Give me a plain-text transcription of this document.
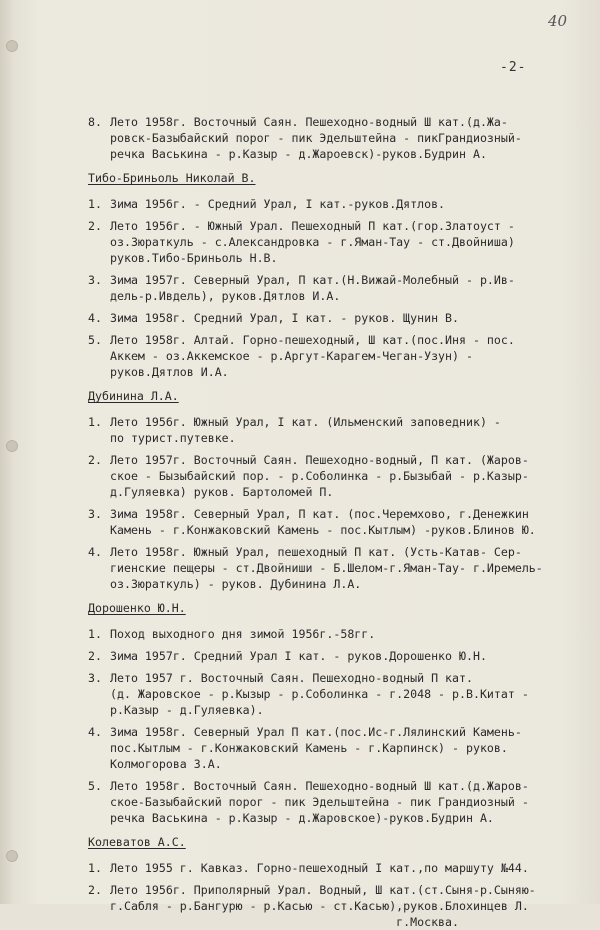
40
-2-
8. Лето 1958г. Восточный Саян. Пешеходно-водный Ш кат.(д.Жа-
ровск-Базыбайский порог - пик Эдельштейна - пикГрандиозный-
речка Васькина - р.Казыр - д.Жароевск)-руков.Будрин А.
Тибо-Бриньоль Николай В.
1. Зима 1956г. - Средний Урал, I кат.-руков.Дятлов.
2. Лето 1956г. - Южный Урал. Пешеходный П кат.(гор.Златоуст -
оз.Зюраткуль - с.Александровка - г.Яман-Тау - ст.Двойниша)
руков.Тибо-Бриньоль Н.В.
3. Зима 1957г. Северный Урал, П кат.(Н.Вижай-Молебный - р.Ив-
дель-р.Ивдель), руков.Дятлов И.А.
4. Зима 1958г. Средний Урал, I кат. - руков. Щунин В.
5. Лето 1958г. Алтай. Горно-пешеходный, Ш кат.(пос.Иня - пос.
Аккем - оз.Аккемское - р.Аргут-Карагем-Чеган-Узун) -
руков.Дятлов И.А.
Дубинина Л.А.
1. Лето 1956г. Южный Урал, I кат. (Ильменский заповедник) -
по турист.путевке.
2. Лето 1957г. Восточный Саян. Пешеходно-водный, П кат. (Жаров-
ское - Бызыбайский пор. - р.Соболинка - р.Бызыбай - р.Казыр-
д.Гуляевка) руков. Бартоломей П.
3. Зима 1958г. Северный Урал, П кат. (пос.Черемхово, г.Денежкин
Камень - г.Конжаковский Камень - пос.Кытлым) -руков.Блинов Ю.
4. Лето 1958г. Южный Урал, пешеходный П кат. (Усть-Катав- Сер-
гиенские пещеры - ст.Двойниши - Б.Шелом-г.Яман-Тау- г.Иремель-
оз.Зюраткуль) - руков. Дубинина Л.А.
Дорошенко Ю.Н.
1. Поход выходного дня зимой 1956г.-58гг.
2. Зима 1957г. Средний Урал I кат. - руков.Дорошенко Ю.Н.
3. Лето 1957 г. Восточный Саян. Пешеходно-водный П кат.
(д. Жаровское - р.Кызыр - р.Соболинка - г.2048 - р.В.Китат -
р.Казыр - д.Гуляевка).
4. Зима 1958г. Северный Урал П кат.(пос.Ис-г.Лялинский Камень-
пос.Кытлым - г.Конжаковский Камень - г.Карпинск) - руков.
Колмогорова З.А.
5. Лето 1958г. Восточный Саян. Пешеходно-водный Ш кат.(д.Жаров-
ское-Базыбайский порог - пик Эдельштейна - пик Грандиозный -
речка Васькина - р.Казыр - д.Жаровское)-руков.Будрин А.
Колеватов А.С.
1. Лето 1955 г. Кавказ. Горно-пешеходный I кат.,по маршуту №44.
2. Лето 1956г. Приполярный Урал. Водный, Ш кат.(ст.Сыня-р.Сыняю-
г.Сабля - р.Бангурю - р.Касью - ст.Касью),руков.Блохинцев Л.
г.Москва.
